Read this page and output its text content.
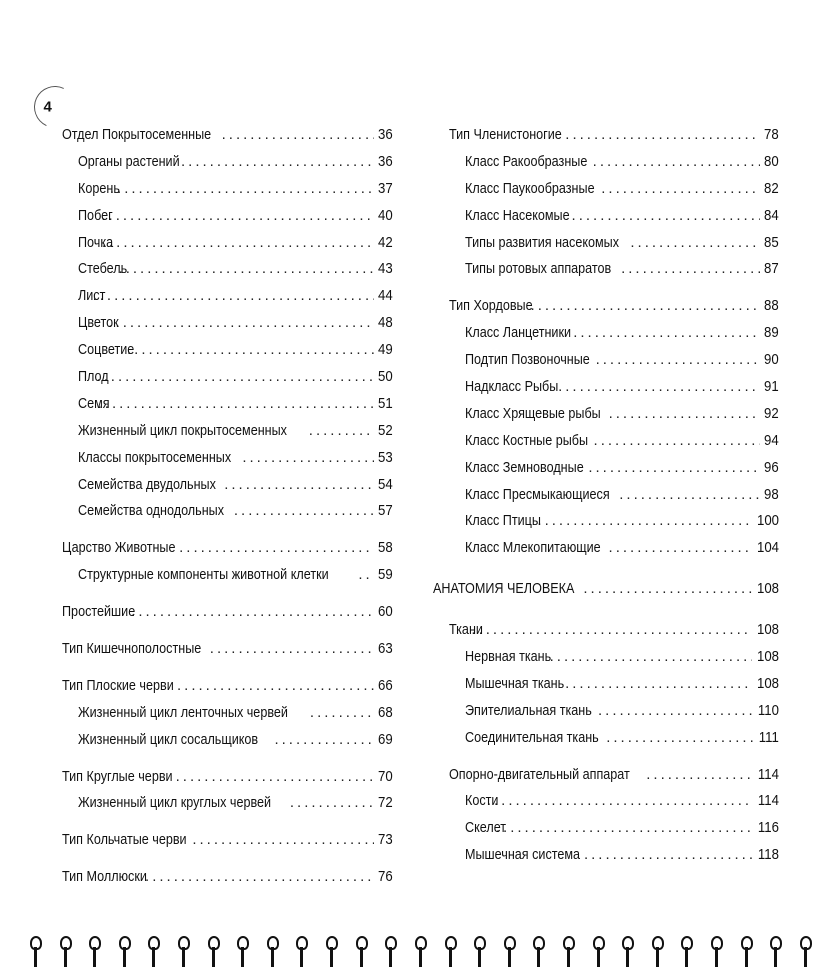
4
Отдел Покрытосеменные .....	36
Органы растений .....	36
Корень .....	37
Побег .....	40
Почка .....	42
Стебель .....	43
Лист .....	44
Цветок .....	48
Соцветие .....	49
Плод .....	50
Семя .....	51
Жизненный цикл покрытосеменных .....	52
Классы покрытосеменных .....	53
Семейства двудольных .....	54
Семейства однодольных .....	57
Царство Животные .....	58
Структурные компоненты животной клетки .....	59
Простейшие .....	60
Тип Кишечнополостные .....	63
Тип Плоские черви .....	66
Жизненный цикл ленточных червей .....	68
Жизненный цикл сосальщиков .....	69
Тип Круглые черви .....	70
Жизненный цикл круглых червей .....	72
Тип Кольчатые черви .....	73
Тип Моллюски .....	76
Тип Членистоногие .....	78
Класс Ракообразные .....	80
Класс Паукообразные .....	82
Класс Насекомые .....	84
Типы развития насекомых .....	85
Типы ротовых аппаратов .....	87
Тип Хордовые .....	88
Класс Ланцетники .....	89
Подтип Позвоночные .....	90
Надкласс Рыбы .....	91
Класс Хрящевые рыбы .....	92
Класс Костные рыбы .....	94
Класс Земноводные .....	96
Класс Пресмыкающиеся .....	98
Класс Птицы .....	100
Класс Млекопитающие .....	104
АНАТОМИЯ ЧЕЛОВЕКА .....	108
Ткани .....	108
Нервная ткань .....	108
Мышечная ткань .....	108
Эпителиальная ткань .....	110
Соединительная ткань .....	111
Опорно-двигательный аппарат .....	114
Кости .....	114
Скелет .....	116
Мышечная система .....	118
